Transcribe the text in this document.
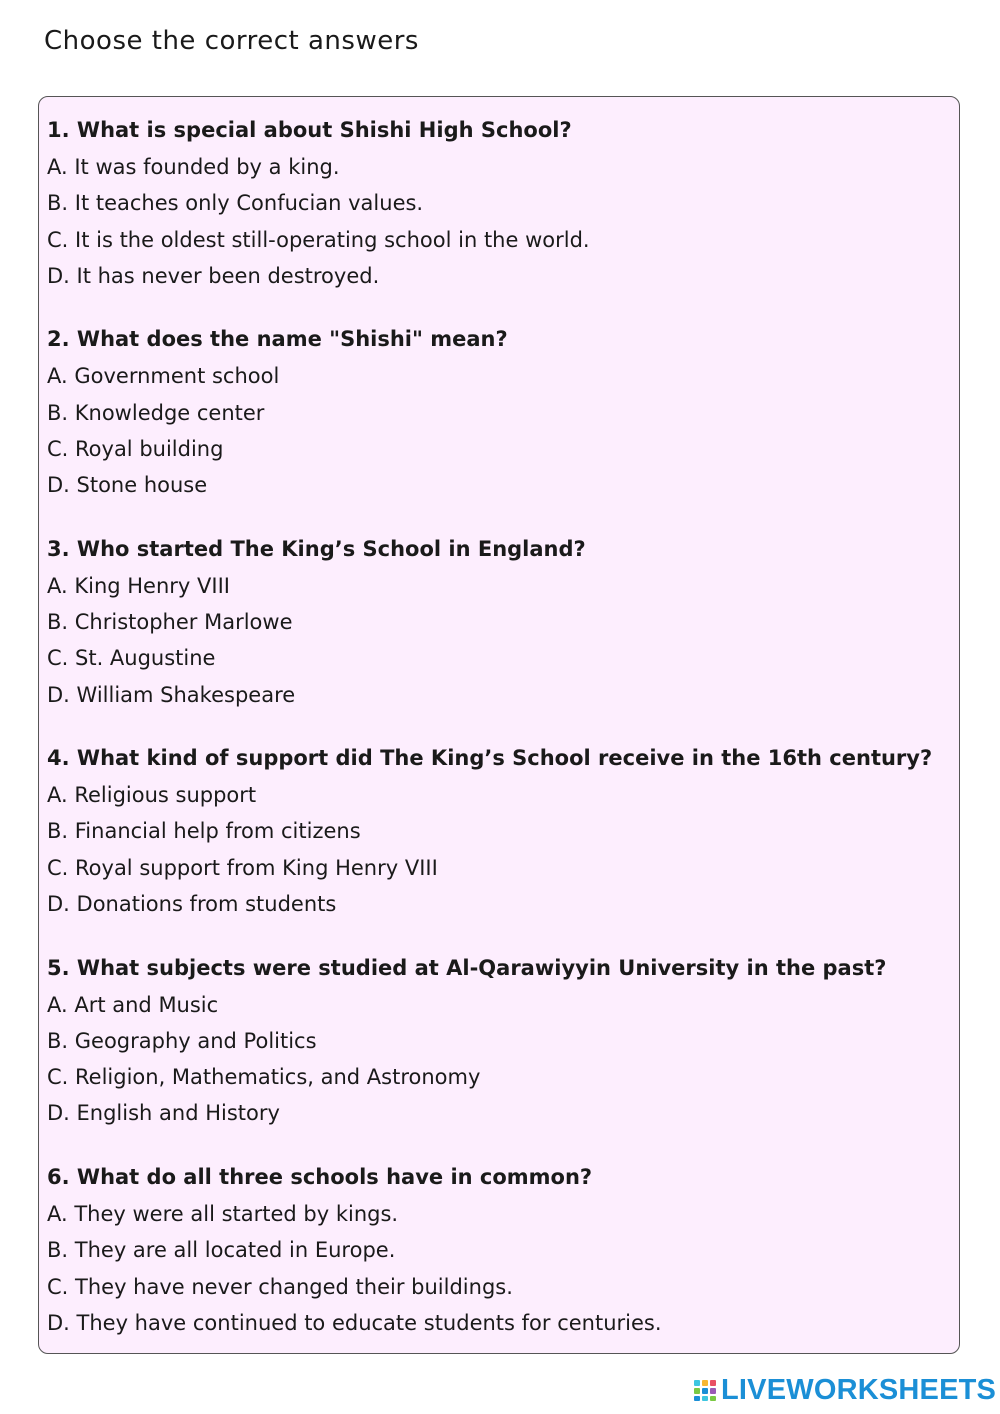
Choose the correct answers
1. What is special about Shishi High School?
A. It was founded by a king.
B. It teaches only Confucian values.
C. It is the oldest still-operating school in the world.
D. It has never been destroyed.
2. What does the name "Shishi" mean?
A. Government school
B. Knowledge center
C. Royal building
D. Stone house
3. Who started The King’s School in England?
A. King Henry VIII
B. Christopher Marlowe
C. St. Augustine
D. William Shakespeare
4. What kind of support did The King’s School receive in the 16th century?
A. Religious support
B. Financial help from citizens
C. Royal support from King Henry VIII
D. Donations from students
5. What subjects were studied at Al-Qarawiyyin University in the past?
A. Art and Music
B. Geography and Politics
C. Religion, Mathematics, and Astronomy
D. English and History
6. What do all three schools have in common?
A. They were all started by kings.
B. They are all located in Europe.
C. They have never changed their buildings.
D. They have continued to educate students for centuries.
LIVEWORKSHEETS
